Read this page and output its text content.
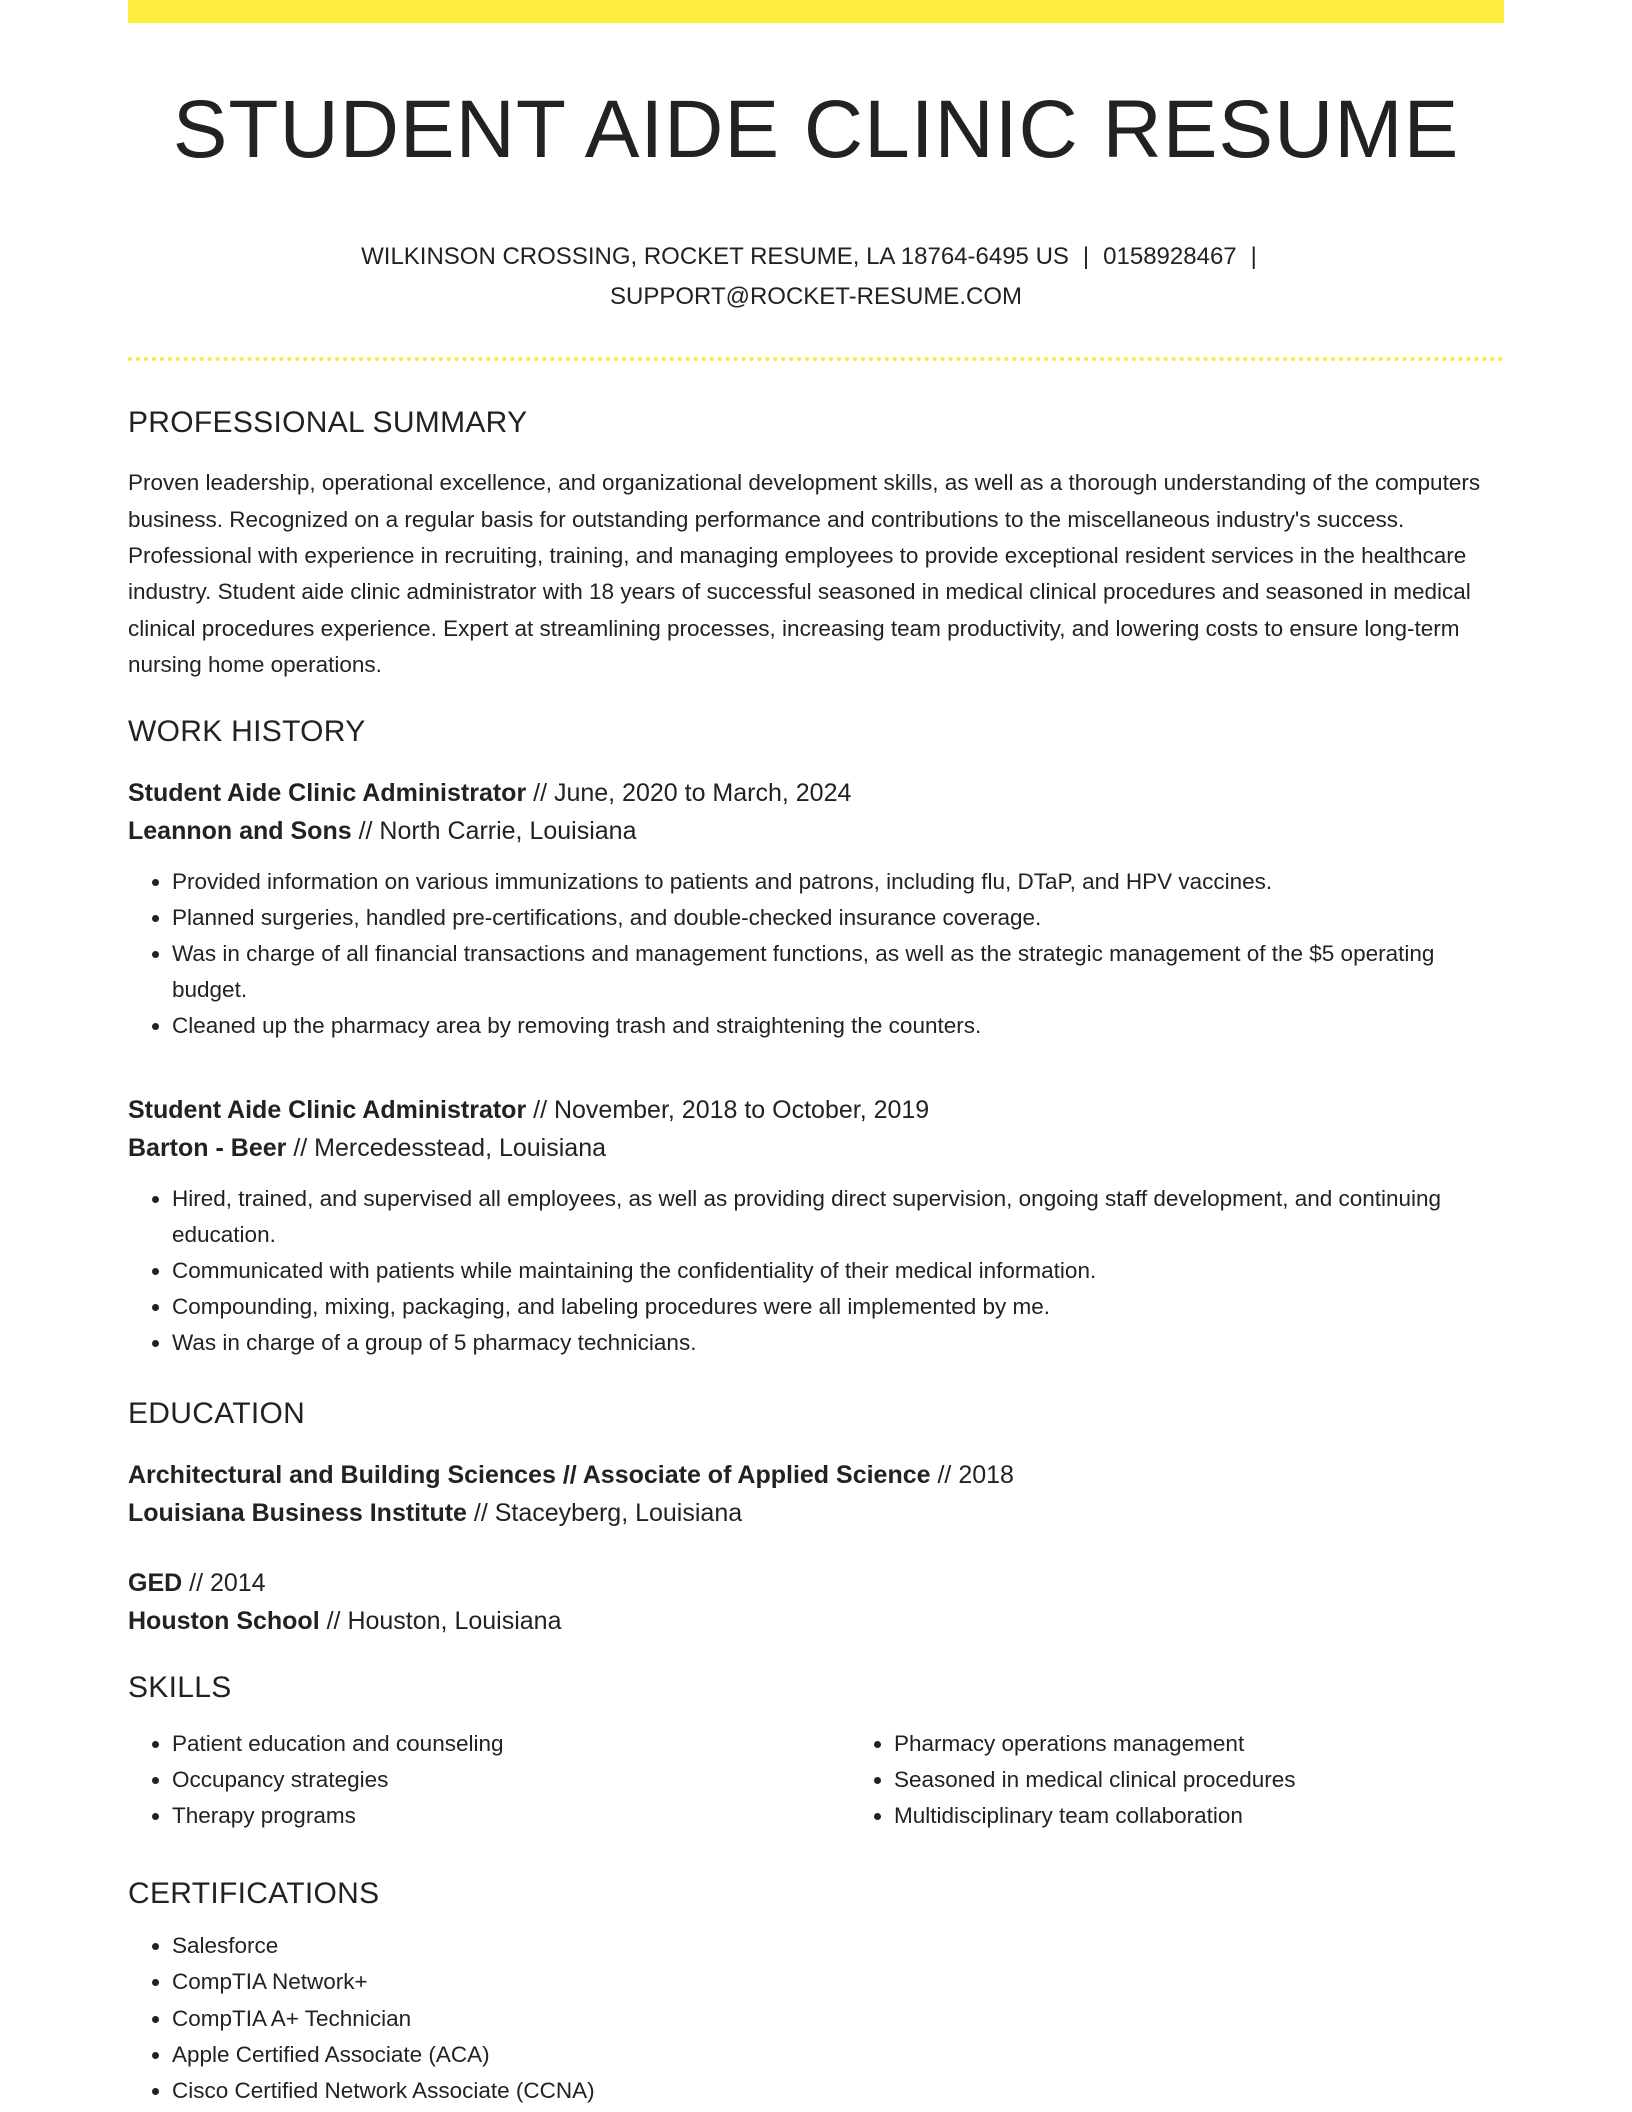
STUDENT AIDE CLINIC RESUME
WILKINSON CROSSING, ROCKET RESUME, LA 18764-6495 US | 0158928467 |
SUPPORT@ROCKET-RESUME.COM
PROFESSIONAL SUMMARY
Proven leadership, operational excellence, and organizational development skills, as well as a thorough understanding of the computers business. Recognized on a regular basis for outstanding performance and contributions to the miscellaneous industry's success. Professional with experience in recruiting, training, and managing employees to provide exceptional resident services in the healthcare industry. Student aide clinic administrator with 18 years of successful seasoned in medical clinical procedures and seasoned in medical clinical procedures experience. Expert at streamlining processes, increasing team productivity, and lowering costs to ensure long-term nursing home operations.
WORK HISTORY
Student Aide Clinic Administrator // June, 2020 to March, 2024
Leannon and Sons // North Carrie, Louisiana
• Provided information on various immunizations to patients and patrons, including flu, DTaP, and HPV vaccines.
• Planned surgeries, handled pre-certifications, and double-checked insurance coverage.
• Was in charge of all financial transactions and management functions, as well as the strategic management of the $5 operating budget.
• Cleaned up the pharmacy area by removing trash and straightening the counters.
Student Aide Clinic Administrator // November, 2018 to October, 2019
Barton - Beer // Mercedesstead, Louisiana
• Hired, trained, and supervised all employees, as well as providing direct supervision, ongoing staff development, and continuing education.
• Communicated with patients while maintaining the confidentiality of their medical information.
• Compounding, mixing, packaging, and labeling procedures were all implemented by me.
• Was in charge of a group of 5 pharmacy technicians.
EDUCATION
Architectural and Building Sciences // Associate of Applied Science // 2018
Louisiana Business Institute // Staceyberg, Louisiana
GED // 2014
Houston School // Houston, Louisiana
SKILLS
• Patient education and counseling
• Occupancy strategies
• Therapy programs
• Pharmacy operations management
• Seasoned in medical clinical procedures
• Multidisciplinary team collaboration
CERTIFICATIONS
• Salesforce
• CompTIA Network+
• CompTIA A+ Technician
• Apple Certified Associate (ACA)
• Cisco Certified Network Associate (CCNA)
